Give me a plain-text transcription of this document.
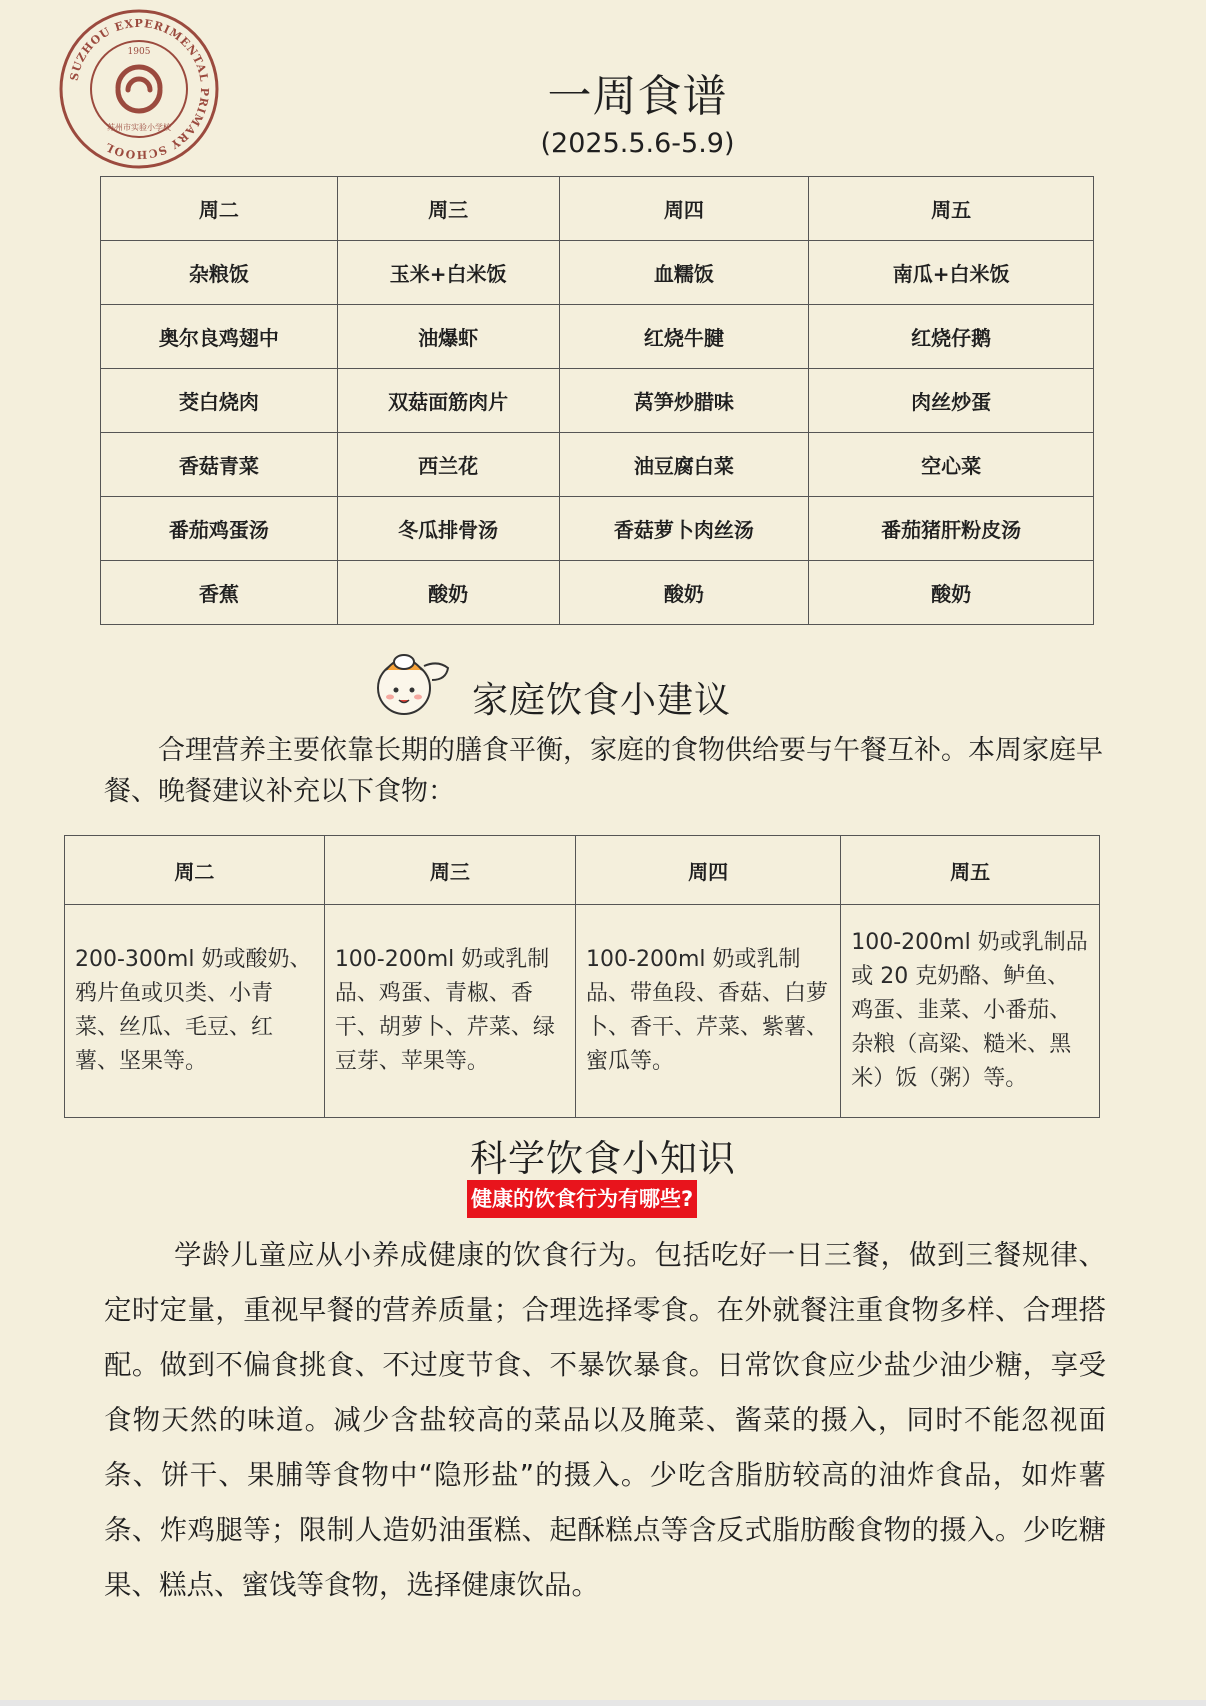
SUZHOU EXPERIMENTAL PRIMARY SCHOOL
1905
苏州市实验小学校
一周食谱
(2025.5.6-5.9)
周二	周三	周四	周五
杂粮饭	玉米+白米饭	血糯饭	南瓜+白米饭
奥尔良鸡翅中	油爆虾	红烧牛腱	红烧仔鹅
茭白烧肉	双菇面筋肉片	莴笋炒腊味	肉丝炒蛋
香菇青菜	西兰花	油豆腐白菜	空心菜
番茄鸡蛋汤	冬瓜排骨汤	香菇萝卜肉丝汤	番茄猪肝粉皮汤
香蕉	酸奶	酸奶	酸奶
家庭饮食小建议
合理营养主要依靠长期的膳食平衡，家庭的食物供给要与午餐互补。本周家庭早餐、晚餐建议补充以下食物：
周二	周三	周四	周五
200-300ml 奶或酸奶、鸦片鱼或贝类、小青菜、丝瓜、毛豆、红薯、坚果等。	100-200ml 奶或乳制品、鸡蛋、青椒、香干、胡萝卜、芹菜、绿豆芽、苹果等。	100-200ml 奶或乳制品、带鱼段、香菇、白萝卜、香干、芹菜、紫薯、蜜瓜等。	100-200ml 奶或乳制品或 20 克奶酪、鲈鱼、鸡蛋、韭菜、小番茄、杂粮（高粱、糙米、黑米）饭（粥）等。
科学饮食小知识
健康的饮食行为有哪些?
学龄儿童应从小养成健康的饮食行为。包括吃好一日三餐，做到三餐规律、定时定量，重视早餐的营养质量；合理选择零食。在外就餐注重食物多样、合理搭配。做到不偏食挑食、不过度节食、不暴饮暴食。日常饮食应少盐少油少糖，享受食物天然的味道。减少含盐较高的菜品以及腌菜、酱菜的摄入，同时不能忽视面条、饼干、果脯等食物中“隐形盐”的摄入。少吃含脂肪较高的油炸食品，如炸薯条、炸鸡腿等；限制人造奶油蛋糕、起酥糕点等含反式脂肪酸食物的摄入。少吃糖果、糕点、蜜饯等食物，选择健康饮品。
